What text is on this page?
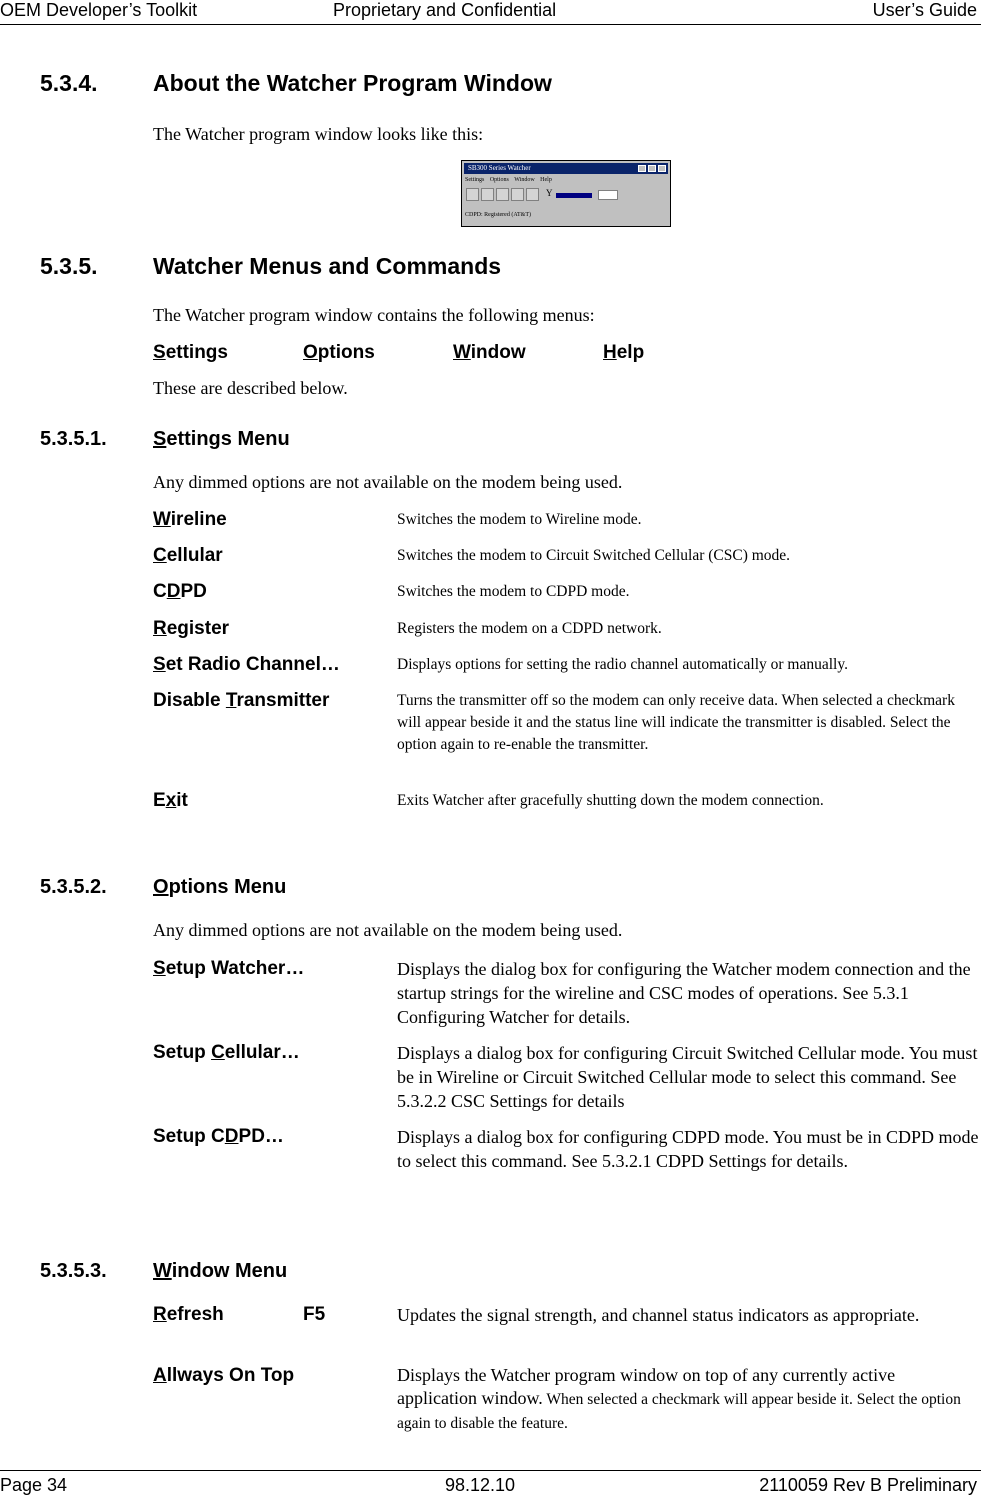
OEM Developer’s Toolkit	Proprietary and Confidential	User’s Guide
5.3.4. About the Watcher Program Window
The Watcher program window looks like this:
SB300 Series Watcher
Settings Options Window Help
Y
CDPD: Registered (AT&T)
5.3.5. Watcher Menus and Commands
The Watcher program window contains the following menus:
Settings	Options	Window	Help
These are described below.
5.3.5.1. Settings Menu
Any dimmed options are not available on the modem being used.
Wireline	Switches the modem to Wireline mode.
Cellular	Switches the modem to Circuit Switched Cellular (CSC) mode.
CDPD	Switches the modem to CDPD mode.
Register	Registers the modem on a CDPD network.
Set Radio Channel…	Displays options for setting the radio channel automatically or manually.
Disable Transmitter	Turns the transmitter off so the modem can only receive data. When selected a checkmark will appear beside it and the status line will indicate the transmitter is disabled. Select the option again to re-enable the transmitter.
Exit	Exits Watcher after gracefully shutting down the modem connection.
5.3.5.2. Options Menu
Any dimmed options are not available on the modem being used.
Setup Watcher…	Displays the dialog box for configuring the Watcher modem connection and the startup strings for the wireline and CSC modes of operations. See 5.3.1 Configuring Watcher for details.
Setup Cellular…	Displays a dialog box for configuring Circuit Switched Cellular mode. You must be in Wireline or Circuit Switched Cellular mode to select this command. See 5.3.2.2 CSC Settings for details
Setup CDPD…	Displays a dialog box for configuring CDPD mode. You must be in CDPD mode to select this command. See 5.3.2.1 CDPD Settings for details.
5.3.5.3. Window Menu
Refresh	F5	Updates the signal strength, and channel status indicators as appropriate.
Allways On Top	Displays the Watcher program window on top of any currently active application window. When selected a checkmark will appear beside it. Select the option again to disable the feature.
Page 34	98.12.10	2110059 Rev B Preliminary
